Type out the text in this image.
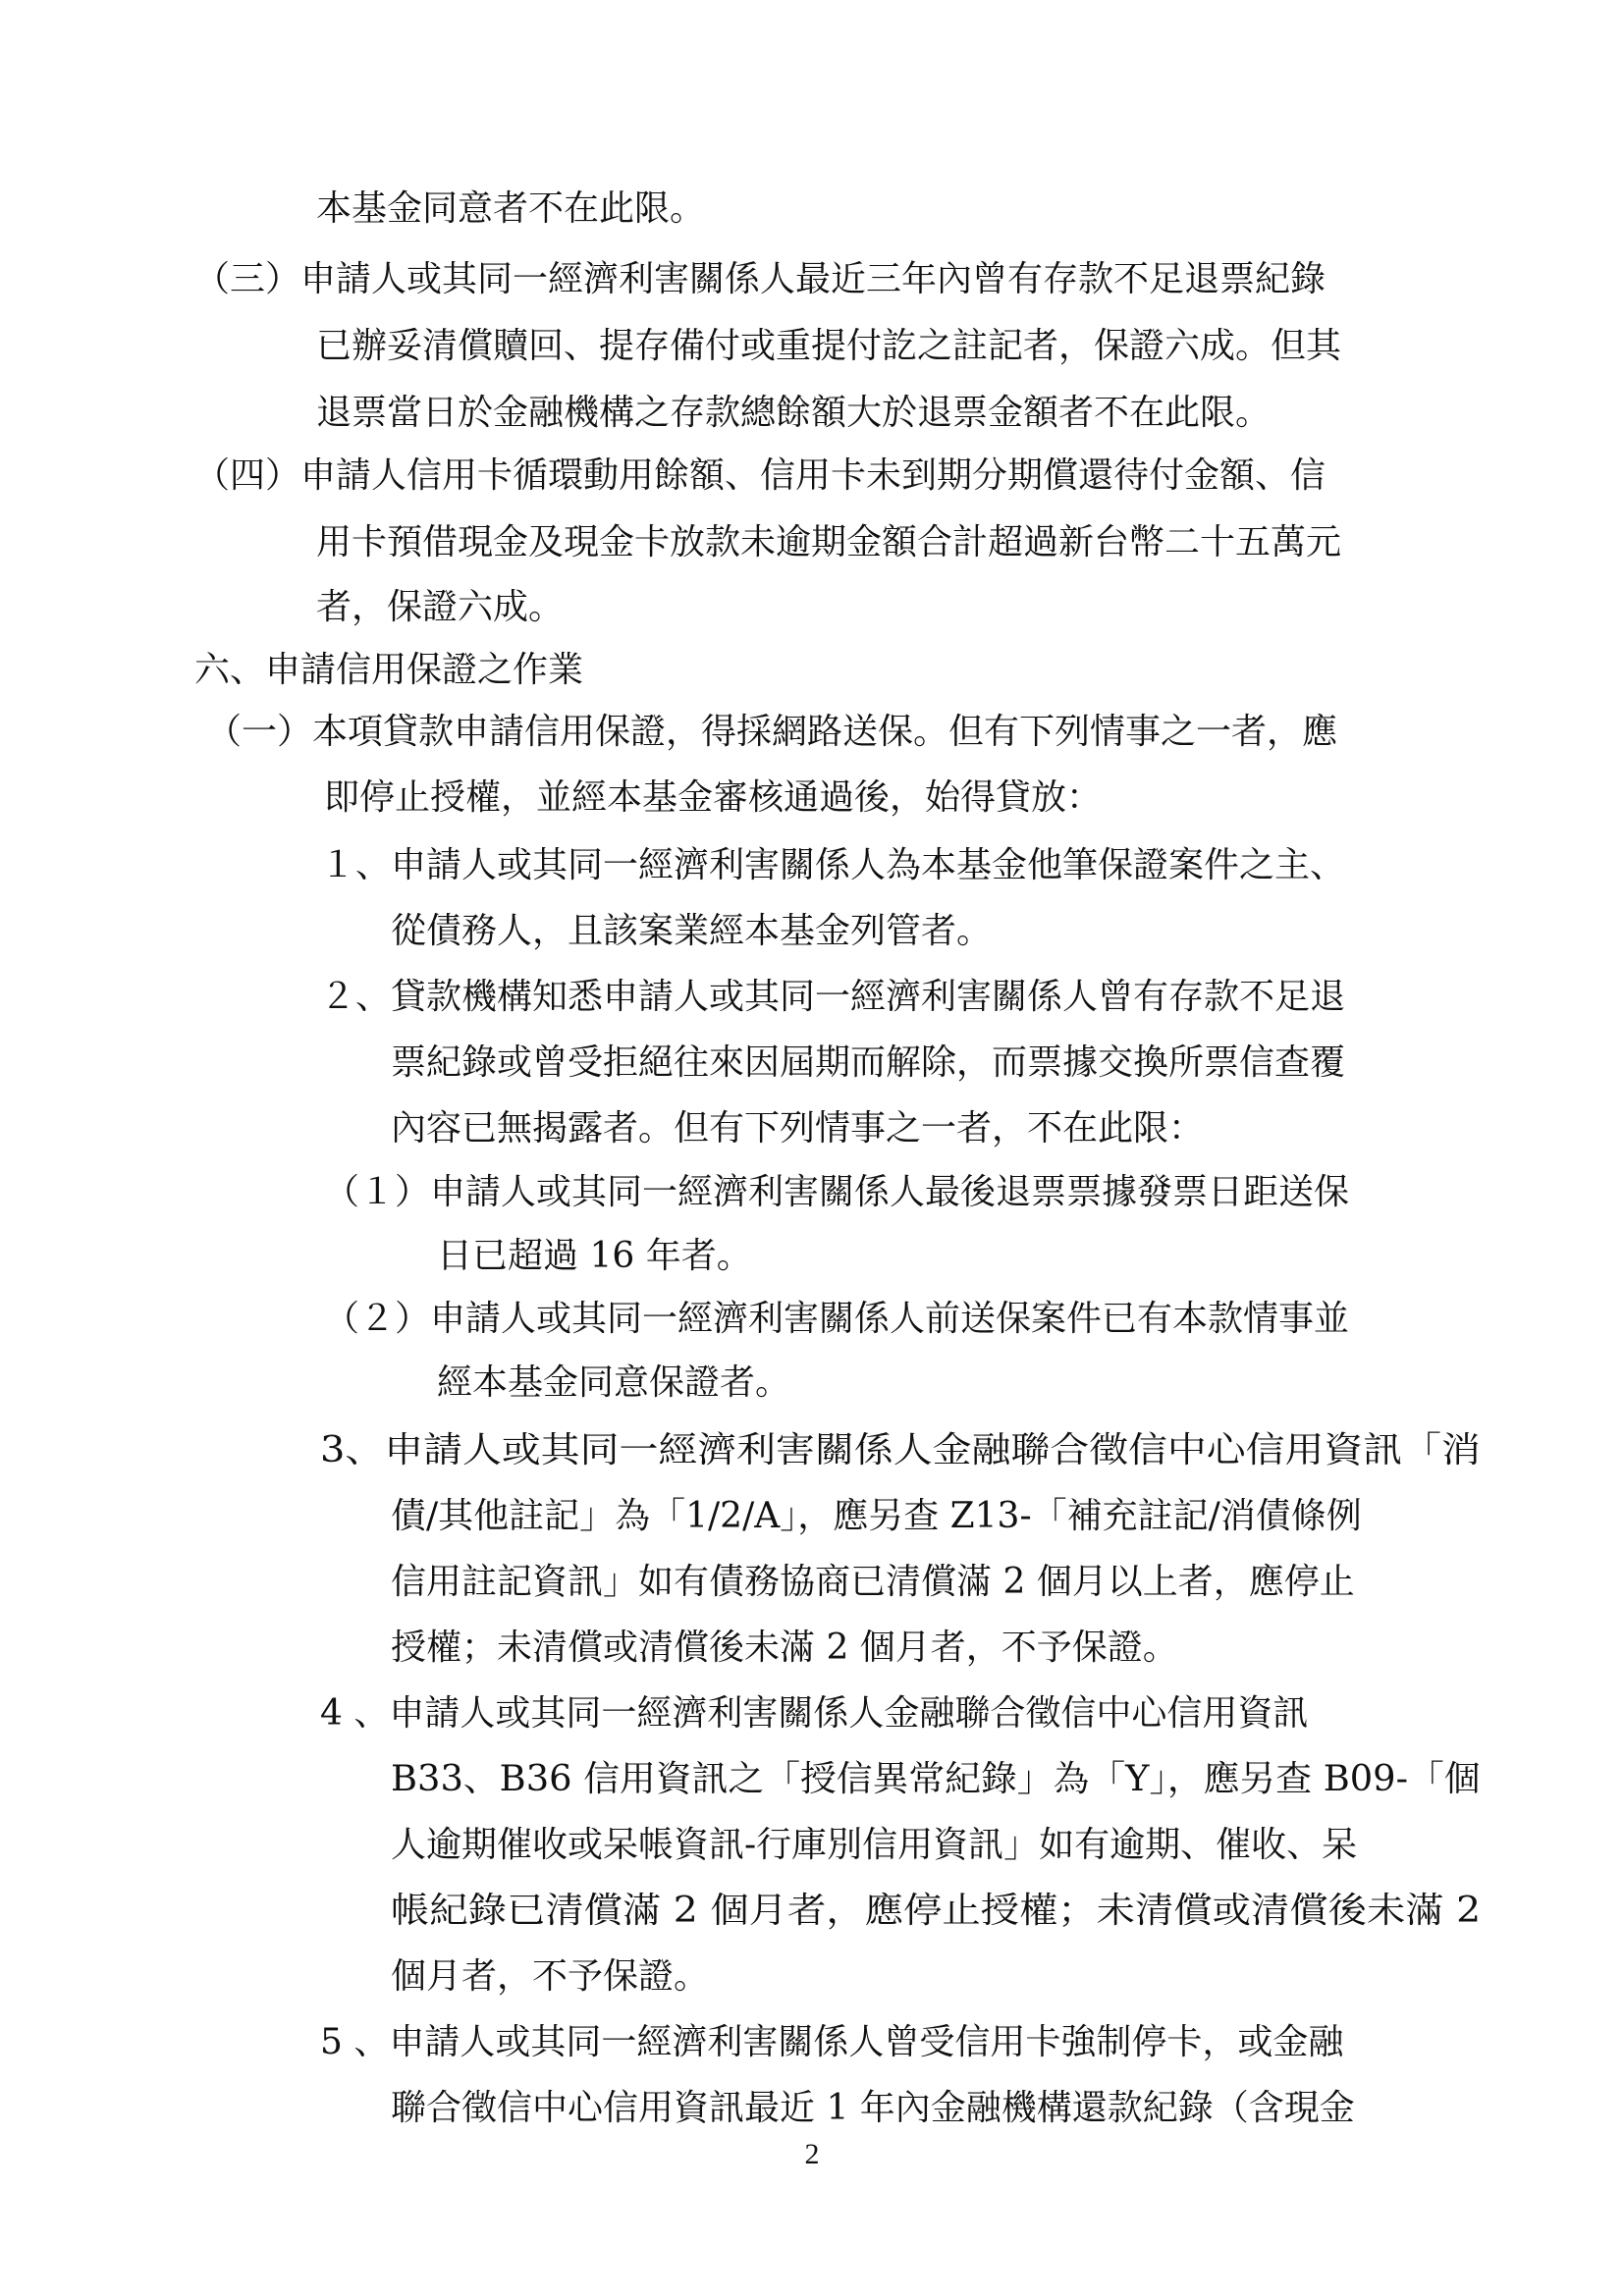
本基金同意者不在此限。
（三）申請人或其同一經濟利害關係人最近三年內曾有存款不足退票紀錄
已辦妥清償贖回、提存備付或重提付訖之註記者，保證六成。但其
退票當日於金融機構之存款總餘額大於退票金額者不在此限。
（四）申請人信用卡循環動用餘額、信用卡未到期分期償還待付金額、信
用卡預借現金及現金卡放款未逾期金額合計超過新台幣二十五萬元
者，保證六成。
六、申請信用保證之作業
（一）本項貸款申請信用保證，得採網路送保。但有下列情事之一者，應
即停止授權，並經本基金審核通過後，始得貸放：
１、申請人或其同一經濟利害關係人為本基金他筆保證案件之主、
從債務人，且該案業經本基金列管者。
２、貸款機構知悉申請人或其同一經濟利害關係人曾有存款不足退
票紀錄或曾受拒絕往來因屆期而解除，而票據交換所票信查覆
內容已無揭露者。但有下列情事之一者，不在此限：
（１）申請人或其同一經濟利害關係人最後退票票據發票日距送保
日已超過 16 年者。
（２）申請人或其同一經濟利害關係人前送保案件已有本款情事並
經本基金同意保證者。
3、申請人或其同一經濟利害關係人金融聯合徵信中心信用資訊「消
債/其他註記」為「1/2/A」，應另查 Z13-「補充註記/消債條例
信用註記資訊」如有債務協商已清償滿 2 個月以上者，應停止
授權；未清償或清償後未滿 2 個月者，不予保證。
4 、申請人或其同一經濟利害關係人金融聯合徵信中心信用資訊
B33、B36 信用資訊之「授信異常紀錄」為「Y」，應另查 B09-「個
人逾期催收或呆帳資訊-行庫別信用資訊」如有逾期、催收、呆
帳紀錄已清償滿 2 個月者，應停止授權；未清償或清償後未滿 2
個月者，不予保證。
5 、申請人或其同一經濟利害關係人曾受信用卡強制停卡，或金融
聯合徵信中心信用資訊最近 1 年內金融機構還款紀錄（含現金
2
